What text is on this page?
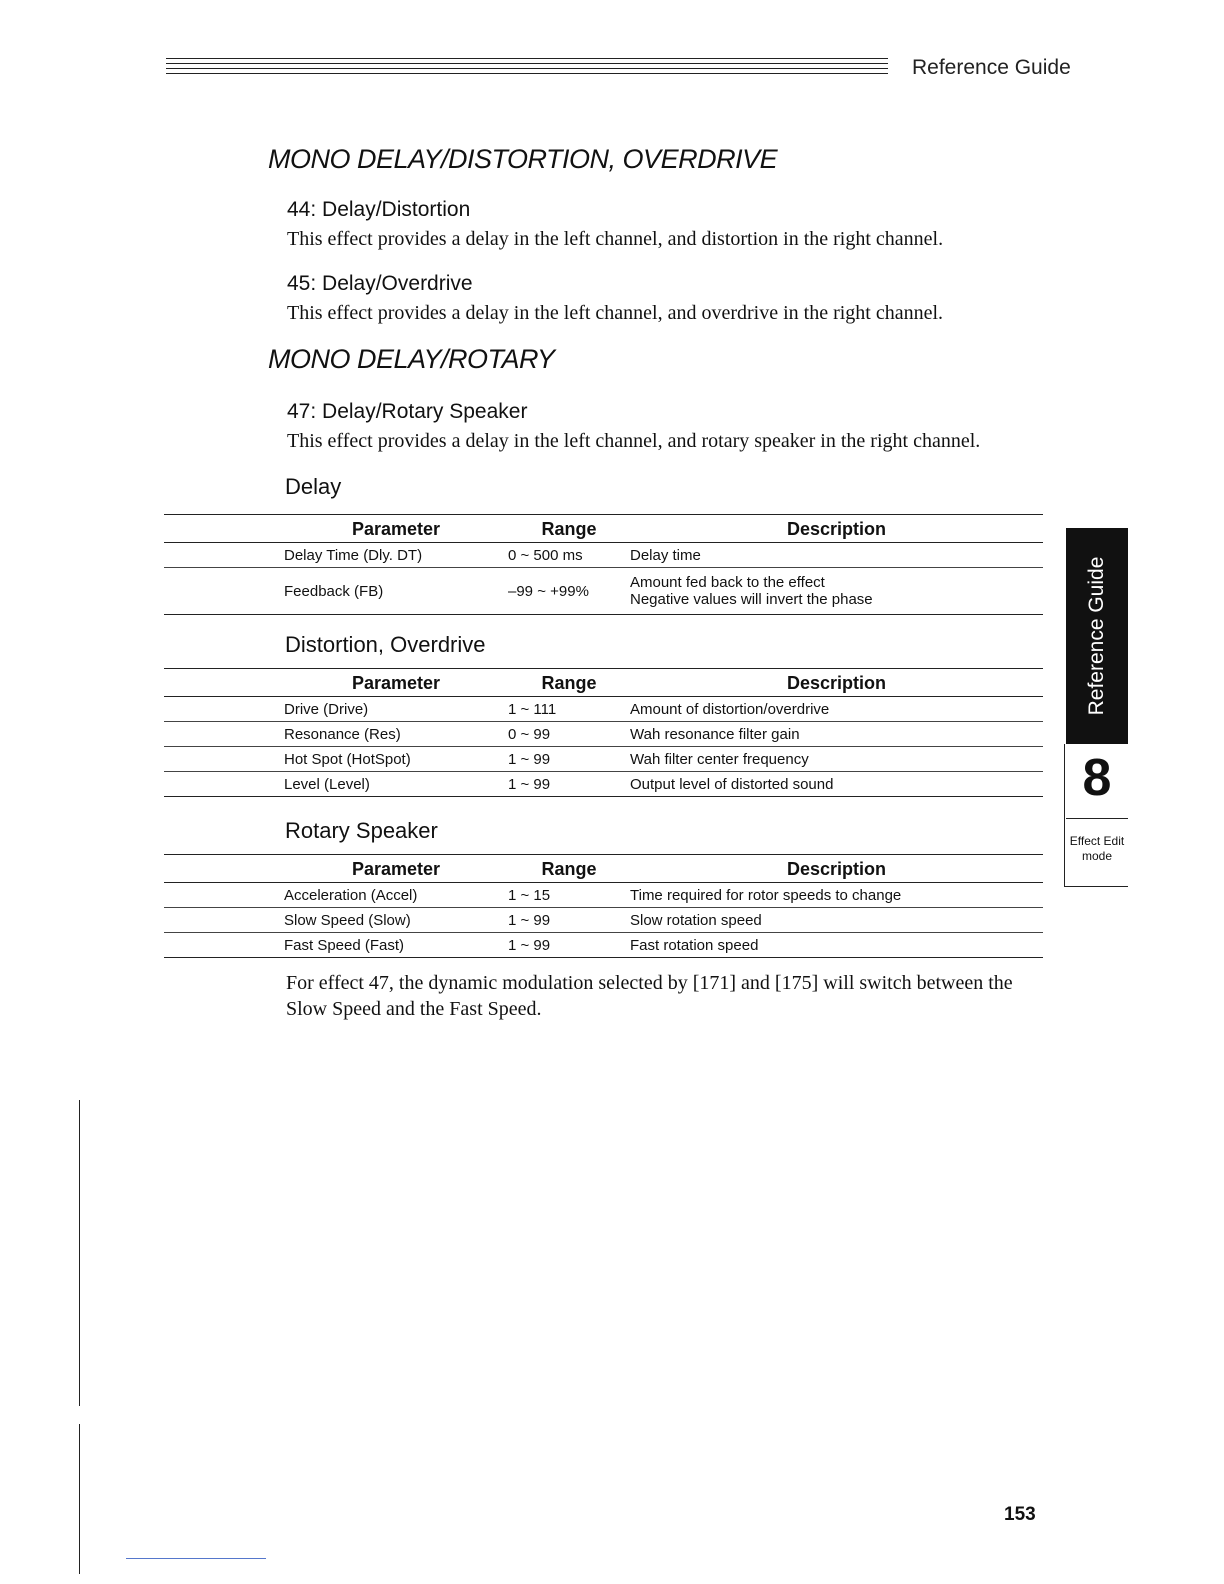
Reference Guide
MONO DELAY/DISTORTION, OVERDRIVE
44: Delay/Distortion
This effect provides a delay in the left channel, and distortion in the right channel.
45: Delay/Overdrive
This effect provides a delay in the left channel, and overdrive in the right channel.
MONO DELAY/ROTARY
47: Delay/Rotary Speaker
This effect provides a delay in the left channel, and rotary speaker in the right channel.
Delay
	Parameter	Range	Description
	Delay Time (Dly. DT)	0 ~ 500 ms	Delay time
	Feedback (FB)	–99 ~ +99%	Amount fed back to the effect
Negative values will invert the phase
Distortion, Overdrive
	Parameter	Range	Description
	Drive (Drive)	1 ~ 111	Amount of distortion/overdrive
	Resonance (Res)	0 ~ 99	Wah resonance filter gain
	Hot Spot (HotSpot)	1 ~ 99	Wah filter center frequency
	Level (Level)	1 ~ 99	Output level of distorted sound
Rotary Speaker
	Parameter	Range	Description
	Acceleration (Accel)	1 ~ 15	Time required for rotor speeds to change
	Slow Speed (Slow)	1 ~ 99	Slow rotation speed
	Fast Speed (Fast)	1 ~ 99	Fast rotation speed
For effect 47, the dynamic modulation selected by [171] and [175] will switch between the Slow Speed and the Fast Speed.
Reference Guide
8
Effect Edit
mode
153
